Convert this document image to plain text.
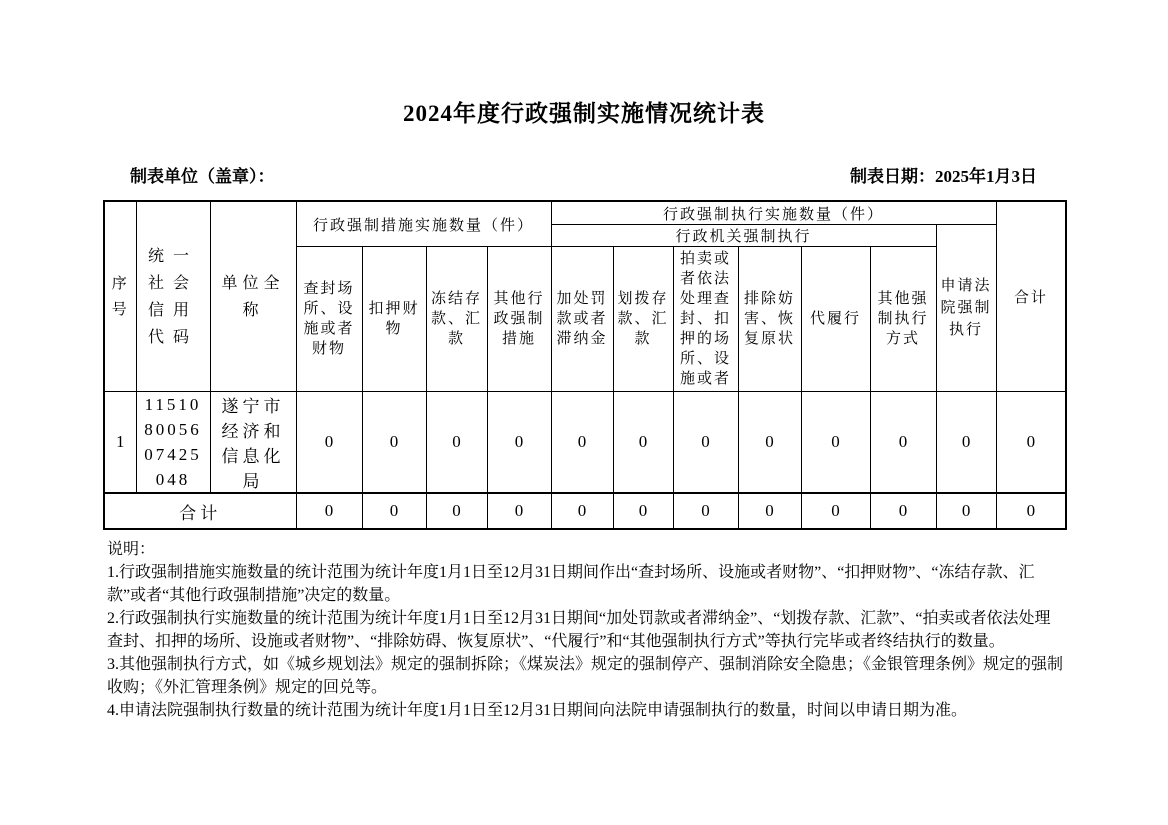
2024年度行政强制实施情况统计表
制表单位（盖章）：	制表日期：2025年1月3日
序号	统一社会信用代码	单位全称	行政强制措施实施数量（件）				行政强制执行实施数量（件）							合计
							行政机关强制执行						申请法院强制执行	
			查封场所、设施或者财物	扣押财物	冻结存款、汇款	其他行政强制措施	加处罚款或者滞纳金	划拨存款、汇款	拍卖或者依法处理查封、扣押的场所、设施或者	排除妨害、恢复原状	代履行	其他强制执行方式		
1	115108005607425048	遂宁市经济和信息化局	0	0	0	0	0	0	0	0	0	0	0	0
合计			0	0	0	0	0	0	0	0	0	0	0	0
说明：
1.行政强制措施实施数量的统计范围为统计年度1月1日至12月31日期间作出“查封场所、设施或者财物”、“扣押财物”、“冻结存款、汇款”或者“其他行政强制措施”决定的数量。
2.行政强制执行实施数量的统计范围为统计年度1月1日至12月31日期间“加处罚款或者滞纳金”、“划拨存款、汇款”、“拍卖或者依法处理查封、扣押的场所、设施或者财物”、“排除妨碍、恢复原状”、“代履行”和“其他强制执行方式”等执行完毕或者终结执行的数量。
3.其他强制执行方式，如《城乡规划法》规定的强制拆除；《煤炭法》规定的强制停产、强制消除安全隐患；《金银管理条例》规定的强制收购；《外汇管理条例》规定的回兑等。
4.申请法院强制执行数量的统计范围为统计年度1月1日至12月31日期间向法院申请强制执行的数量，时间以申请日期为准。
